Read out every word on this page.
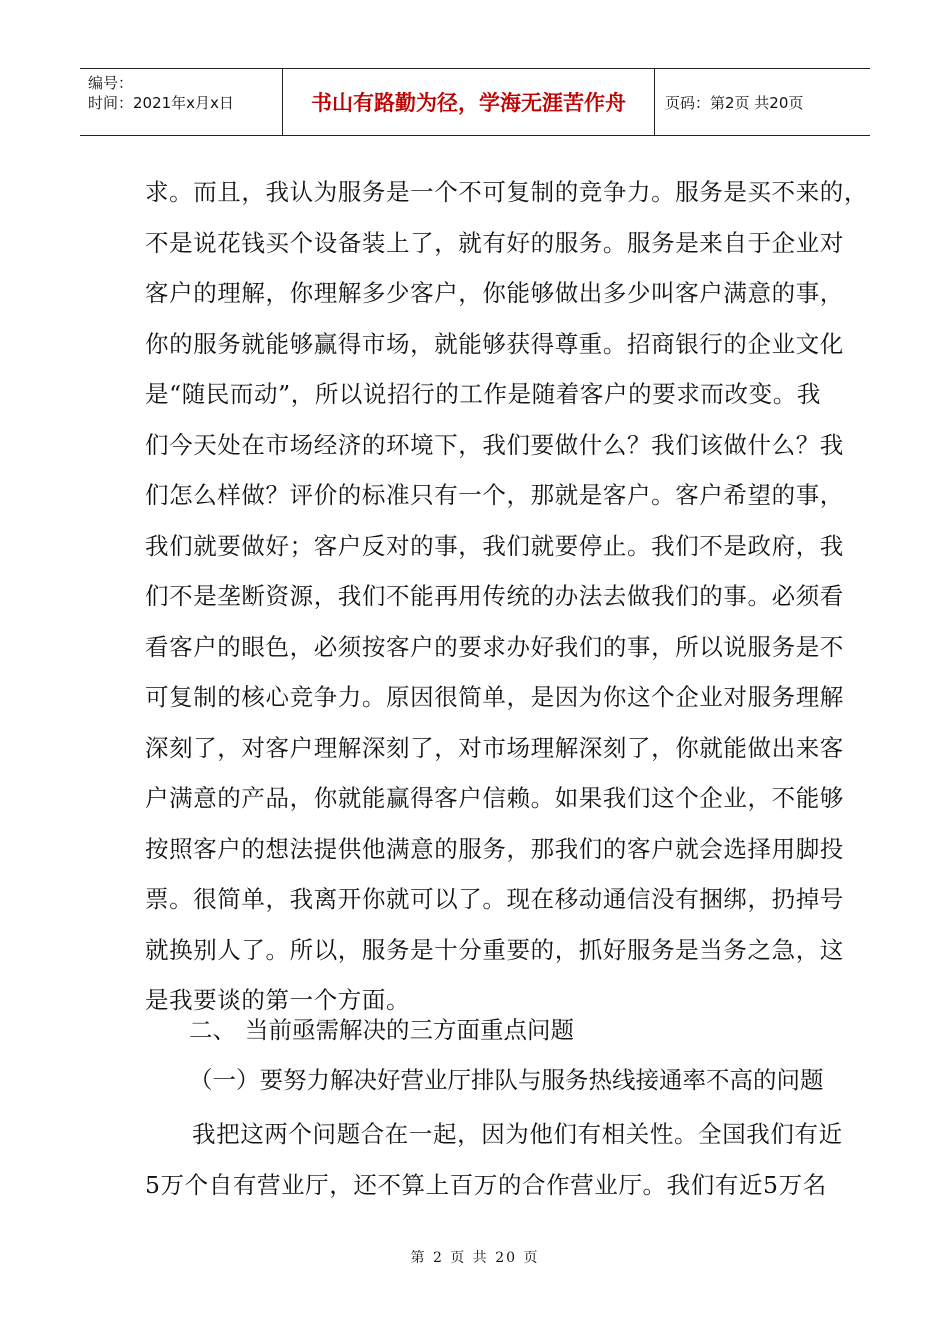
编号：
时间：2021年x月x日	书山有路勤为径，学海无涯苦作舟	页码：第2页 共20页

求。而且，我认为服务是一个不可复制的竞争力。服务是买不来的，

不是说花钱买个设备装上了，就有好的服务。服务是来自于企业对

客户的理解，你理解多少客户，你能够做出多少叫客户满意的事，

你的服务就能够赢得市场，就能够获得尊重。招商银行的企业文化

是“随民而动”，所以说招行的工作是随着客户的要求而改变。我

们今天处在市场经济的环境下，我们要做什么？我们该做什么？我

们怎么样做？评价的标准只有一个，那就是客户。客户希望的事，

我们就要做好；客户反对的事，我们就要停止。我们不是政府，我

们不是垄断资源，我们不能再用传统的办法去做我们的事。必须看

看客户的眼色，必须按客户的要求办好我们的事，所以说服务是不

可复制的核心竞争力。原因很简单，是因为你这个企业对服务理解

深刻了，对客户理解深刻了，对市场理解深刻了，你就能做出来客

户满意的产品，你就能赢得客户信赖。如果我们这个企业，不能够

按照客户的想法提供他满意的服务，那我们的客户就会选择用脚投

票。很简单，我离开你就可以了。现在移动通信没有捆绑，扔掉号

就换别人了。所以，服务是十分重要的，抓好服务是当务之急，这

是我要谈的第一个方面。

二、 当前亟需解决的三方面重点问题
（一）要努力解决好营业厅排队与服务热线接通率不高的问题

我把这两个问题合在一起，因为他们有相关性。全国我们有近

5万个自有营业厅，还不算上百万的合作营业厅。我们有近5万名

第 2 页 共 20 页
